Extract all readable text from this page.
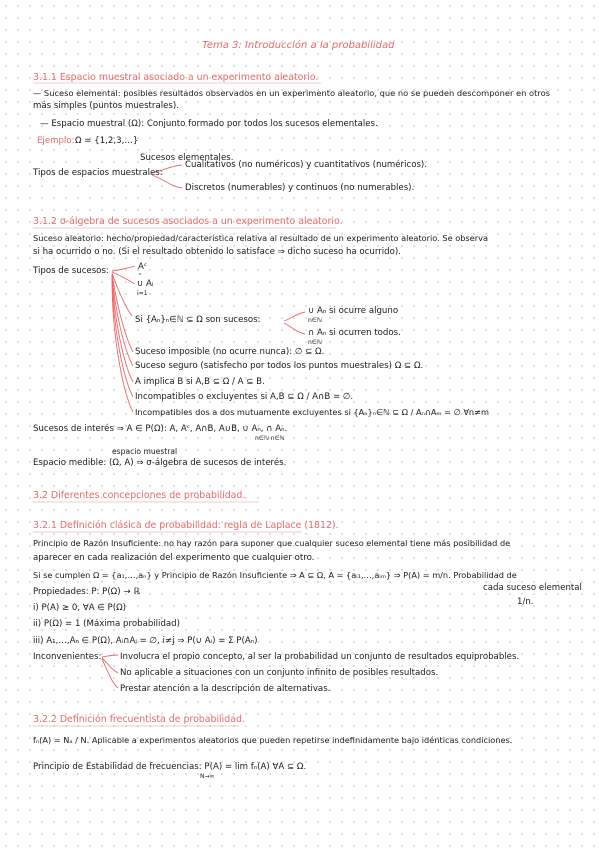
Tema 3: Introducción a la probabilidad
3.1.1 Espacio muestral asociado a un experimento aleatorio.
— Suceso elemental: posibles resultados observados en un experimento aleatorio, que no se pueden descomponer en otros
más simples (puntos muestrales).
— Espacio muestral (Ω): Conjunto formado por todos los sucesos elementales.
Ejemplo: Ω = {1,2,3,…}
Sucesos elementales.
Tipos de espacios muestrales:
Cualitativos (no numéricos) y cuantitativos (numéricos).
Discretos (numerables) y continuos (no numerables).
3.1.2 σ-álgebra de sucesos asociados a un experimento aleatorio.
Suceso aleatorio: hecho/propiedad/característica relativa al resultado de un experimento aleatorio. Se observa
si ha ocurrido o no. (Si el resultado obtenido lo satisface ⇒ dicho suceso ha ocurrido).
Tipos de sucesos:	Aᶜ
ⁿ
∪ Aᵢ
i=1
Si {Aₙ}ₙ∈ℕ ⊆ Ω son sucesos:
∪ Aₙ si ocurre alguno
n∈ℕ
∩ Aₙ si ocurren todos.
n∈ℕ
Suceso imposible (no ocurre nunca): ∅ ⊆ Ω.
Suceso seguro (satisfecho por todos los puntos muestrales) Ω ⊆ Ω.
A implica B si A,B ⊆ Ω / A ⊆ B.
Incompatibles o excluyentes si A,B ⊆ Ω / A∩B = ∅.
Incompatibles dos a dos mutuamente excluyentes si {Aₙ}ₙ∈ℕ ⊆ Ω / Aₙ∩Aₘ = ∅ ∀n≠m
Sucesos de interés ⇒ A ∈ P(Ω): A, Aᶜ, A∩B, A∪B, ∪ Aₙ, ∩ Aₙ.
n∈ℕ n∈ℕ
espacio muestral
Espacio medible: (Ω, A) ⇒ σ-álgebra de sucesos de interés.
3.2 Diferentes concepciones de probabilidad.
3.2.1 Definición clásica de probabilidad: regla de Laplace (1812).
Principio de Razón Insuficiente: no hay razón para suponer que cualquier suceso elemental tiene más posibilidad de
aparecer en cada realización del experimento que cualquier otro.
Si se cumplen Ω = {a₁,…,aₙ} y Principio de Razón Insuficiente ⇒ A ⊆ Ω, A = {aᵢ₁,…,aᵢₘ} ⇒ P(A) = m/n. Probabilidad de
cada suceso elemental
1/n.
Propiedades: P: P(Ω) → ℝ
i) P(A) ≥ 0, ∀A ∈ P(Ω)
ii) P(Ω) = 1 (Máxima probabilidad)
iii) A₁,…,Aₙ ∈ P(Ω), Aᵢ∩Aⱼ = ∅, i≠j ⇒ P(∪ Aᵢ) = Σ P(Aₙ)
Inconvenientes: Involucra el propio concepto, al ser la probabilidad un conjunto de resultados equiprobables.
No aplicable a situaciones con un conjunto infinito de posibles resultados.
Prestar atención a la descripción de alternativas.
3.2.2 Definición frecuentista de probabilidad.
fₙ(A) = Nₐ / N. Aplicable a experimentos aleatorios que pueden repetirse indefinidamente bajo idénticas condiciones.
Principio de Estabilidad de frecuencias: P(A) = lim fₙ(A) ∀A ⊆ Ω.
N→∞
